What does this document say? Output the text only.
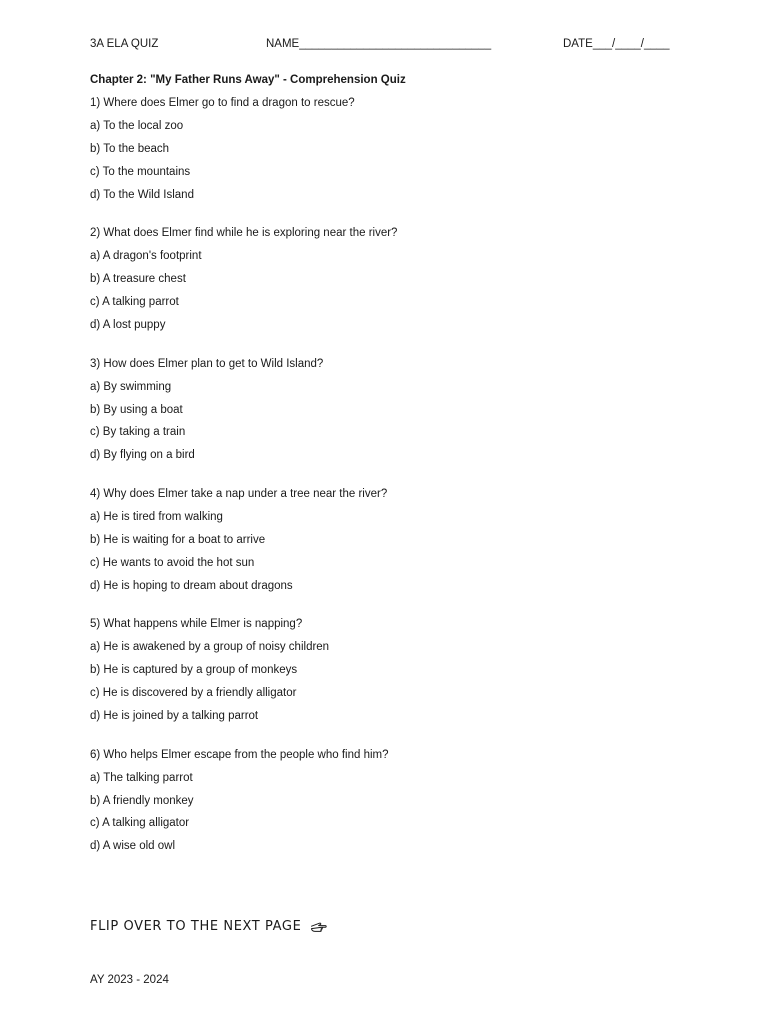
3A ELA QUIZ	NAME______________________________	DATE___/____/____
Chapter 2: "My Father Runs Away" - Comprehension Quiz
1) Where does Elmer go to find a dragon to rescue?
a) To the local zoo
b) To the beach
c) To the mountains
d) To the Wild Island
2) What does Elmer find while he is exploring near the river?
a) A dragon's footprint
b) A treasure chest
c) A talking parrot
d) A lost puppy
3) How does Elmer plan to get to Wild Island?
a) By swimming
b) By using a boat
c) By taking a train
d) By flying on a bird
4) Why does Elmer take a nap under a tree near the river?
a) He is tired from walking
b) He is waiting for a boat to arrive
c) He wants to avoid the hot sun
d) He is hoping to dream about dragons
5) What happens while Elmer is napping?
a) He is awakened by a group of noisy children
b) He is captured by a group of monkeys
c) He is discovered by a friendly alligator
d) He is joined by a talking parrot
6) Who helps Elmer escape from the people who find him?
a) The talking parrot
b) A friendly monkey
c) A talking alligator
d) A wise old owl
FLIP OVER TO THE NEXT PAGE
AY 2023 - 2024
